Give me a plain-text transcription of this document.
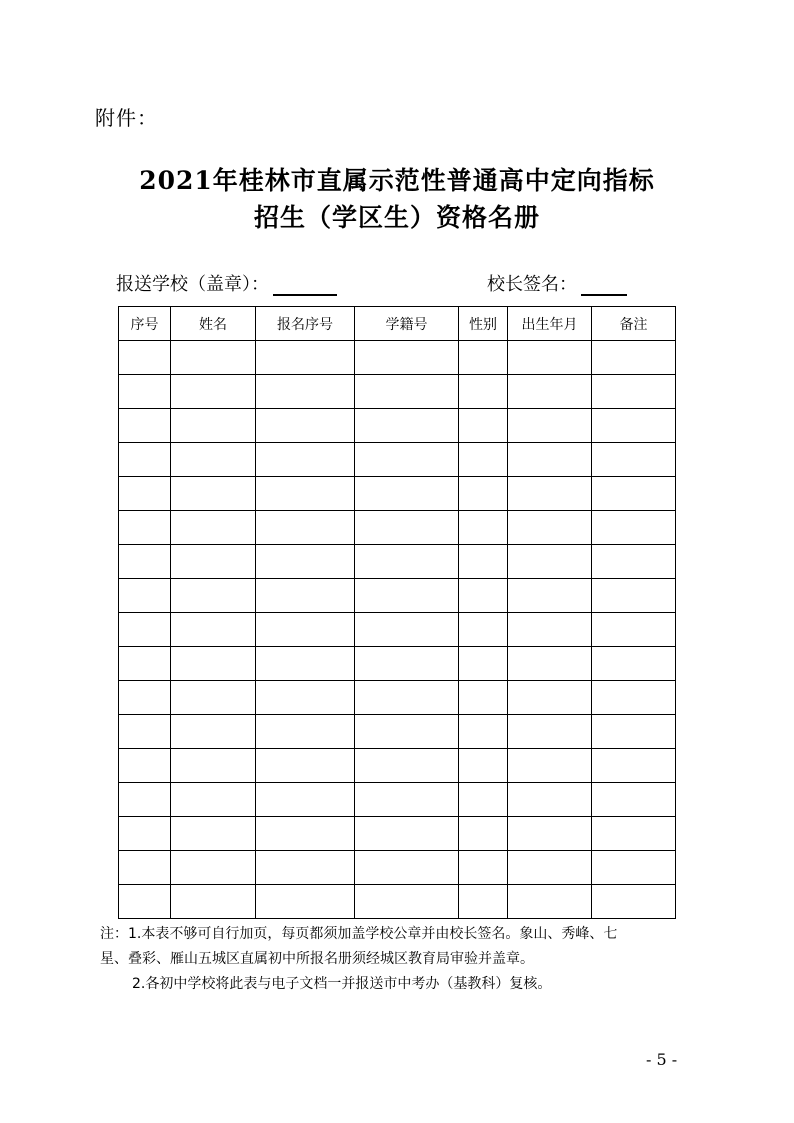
附件：
2021年桂林市直属示范性普通高中定向指标
招生（学区生）资格名册
报送学校（盖章）：	校长签名：
序号	姓名	报名序号	学籍号	性别	出生年月	备注

注：1.本表不够可自行加页，每页都须加盖学校公章并由校长签名。象山、秀峰、七

星、叠彩、雁山五城区直属初中所报名册须经城区教育局审验并盖章。

2.各初中学校将此表与电子文档一并报送市中考办（基教科）复核。

- 5 -
